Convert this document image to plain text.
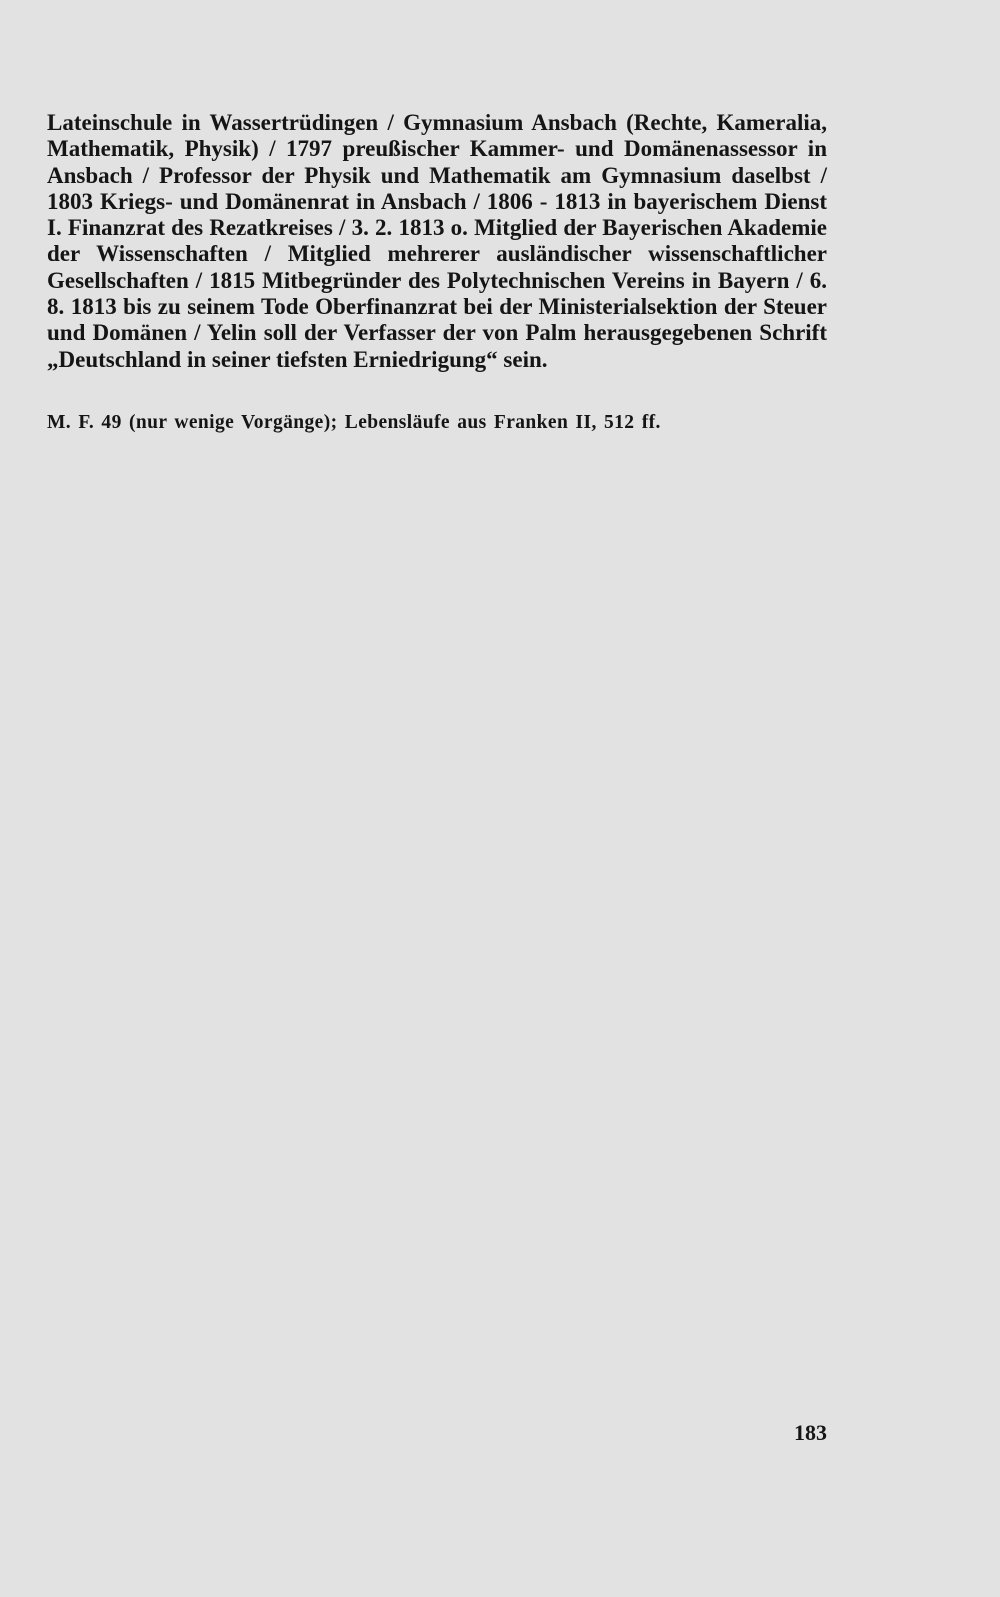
Lateinschule in Wassertrüdingen / Gymnasium Ansbach (Rechte, Kameralia, Mathematik, Physik) / 1797 preußischer Kammer- und Domänenassessor in Ansbach / Professor der Physik und Mathematik am Gymnasium daselbst / 1803 Kriegs- und Domänenrat in Ansbach / 1806 - 1813 in bayerischem Dienst I. Finanzrat des Rezatkreises / 3. 2. 1813 o. Mitglied der Bayerischen Akademie der Wissenschaften / Mitglied mehrerer ausländischer wissenschaftlicher Gesellschaften / 1815 Mitbegründer des Polytechnischen Vereins in Bayern / 6. 8. 1813 bis zu seinem Tode Oberfinanzrat bei der Ministerialsektion der Steuer und Domänen / Yelin soll der Verfasser der von Palm herausgegebenen Schrift „Deutschland in seiner tiefsten Erniedrigung“ sein.

M. F. 49 (nur wenige Vorgänge); Lebensläufe aus Franken II, 512 ff.

183
